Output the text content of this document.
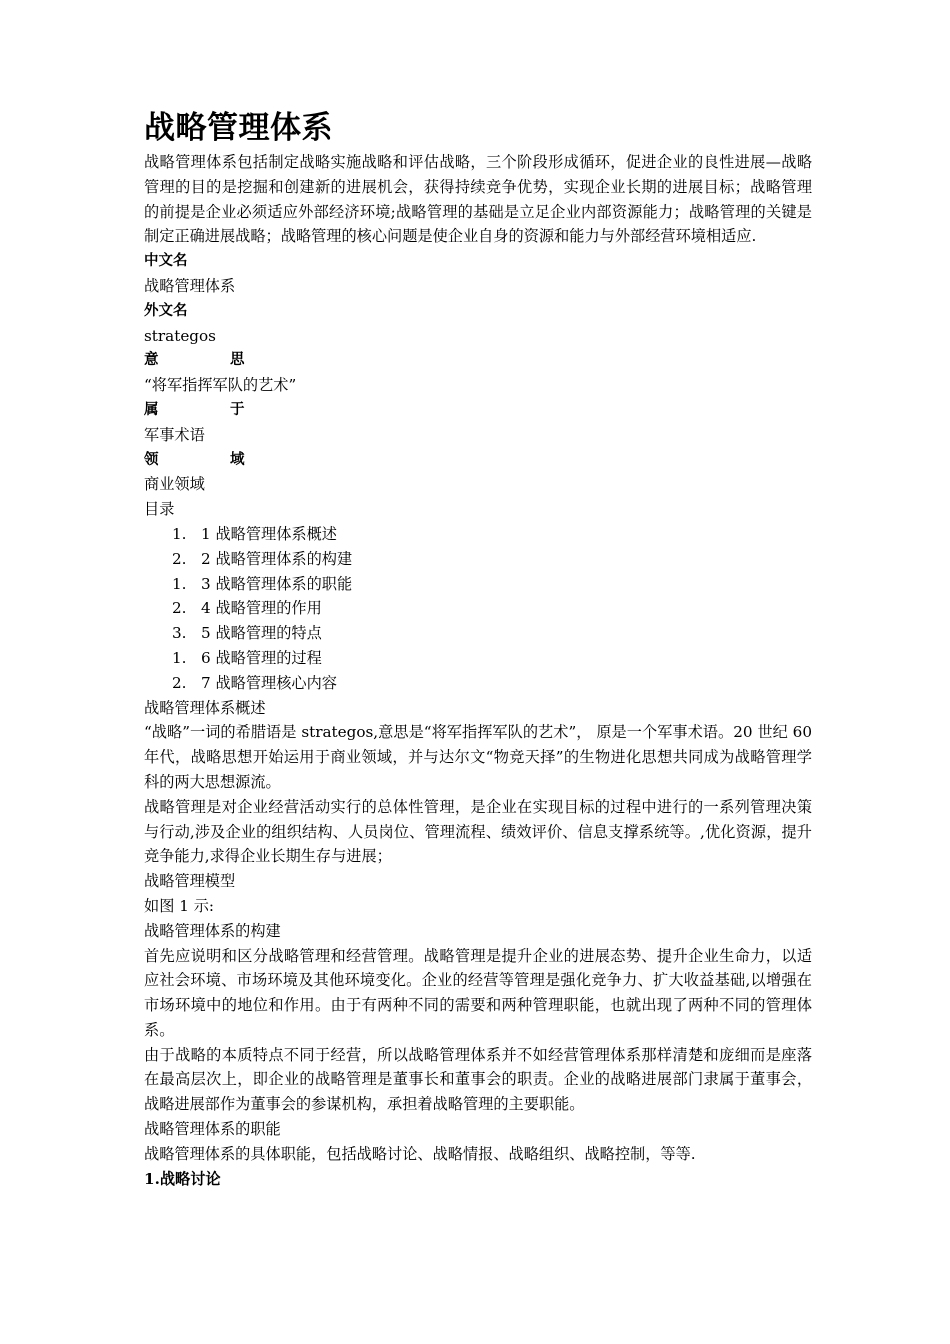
战略管理体系

战略管理体系包括制定战略实施战略和评估战略，三个阶段形成循环，促进企业的良性进展—战略管理的目的是挖掘和创建新的进展机会，获得持续竞争优势，实现企业长期的进展目标；战略管理的前提是企业必须适应外部经济环境;战略管理的基础是立足企业内部资源能力；战略管理的关键是制定正确进展战略；战略管理的核心问题是使企业自身的资源和能力与外部经营环境相适应.

中文名
战略管理体系
外文名
strategos
意	思
“将军指挥军队的艺术”
属	于
军事术语
领	域
商业领域
目录
1. 1 战略管理体系概述
2. 2 战略管理体系的构建
1. 3 战略管理体系的职能
2. 4 战略管理的作用
3. 5 战略管理的特点
1. 6 战略管理的过程
2. 7 战略管理核心内容
战略管理体系概述

“战略”一词的希腊语是 strategos,意思是“将军指挥军队的艺术”， 原是一个军事术语。20 世纪 60 年代，战略思想开始运用于商业领域，并与达尔文“物竞天择”的生物进化思想共同成为战略管理学科的两大思想源流。

战略管理是对企业经营活动实行的总体性管理，是企业在实现目标的过程中进行的一系列管理决策与行动,涉及企业的组织结构、人员岗位、管理流程、绩效评价、信息支撑系统等。,优化资源，提升竞争能力,求得企业长期生存与进展；

战略管理模型
如图 1 示:
战略管理体系的构建

首先应说明和区分战略管理和经营管理。战略管理是提升企业的进展态势、提升企业生命力，以适应社会环境、市场环境及其他环境变化。企业的经营等管理是强化竞争力、扩大收益基础,以增强在市场环境中的地位和作用。由于有两种不同的需要和两种管理职能，也就出现了两种不同的管理体系。

由于战略的本质特点不同于经营，所以战略管理体系并不如经营管理体系那样清楚和庞细而是座落在最高层次上，即企业的战略管理是董事长和董事会的职责。企业的战略进展部门隶属于董事会，战略进展部作为董事会的参谋机构，承担着战略管理的主要职能。

战略管理体系的职能

战略管理体系的具体职能，包括战略讨论、战略情报、战略组织、战略控制，等等.

1.战略讨论
